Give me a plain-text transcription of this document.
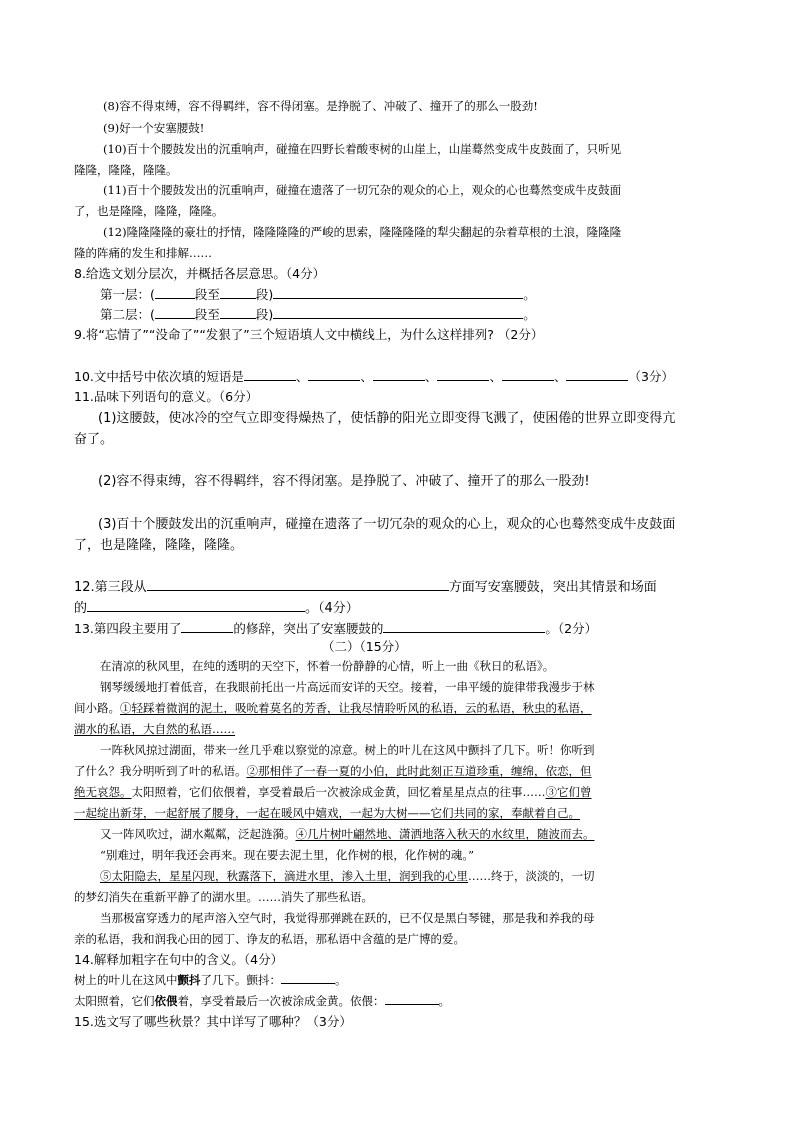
(8)容不得束缚，容不得羁绊，容不得闭塞。是挣脱了、冲破了、撞开了的那么一股劲!
(9)好一个安塞腰鼓!
(10)百十个腰鼓发出的沉重响声，碰撞在四野长着酸枣树的山崖上，山崖蓦然变成牛皮鼓面了，只听见
隆隆，隆隆，隆隆。
(11)百十个腰鼓发出的沉重响声，碰撞在遗落了一切冗杂的观众的心上，观众的心也蓦然变成牛皮鼓面
了，也是隆隆，隆隆，隆隆。
(12)隆隆隆隆的豪壮的抒情，隆隆隆隆的严峻的思索，隆隆隆隆的犁尖翻起的杂着草根的土浪，隆隆隆
隆的阵痛的发生和排解……
8.给选文划分层次，并概括各层意思。（4分）
第一层：(	段至	段)	。
第二层：(	段至	段)	。
9.将“忘情了”“没命了”“发狠了”三个短语填人文中横线上，为什么这样排列? （2分）
10.文中括号中依次填的短语是	、	、	、	、	、	（3分）
11.品味下列语句的意义。（6分）
(1)这腰鼓，使冰冷的空气立即变得燥热了，使恬静的阳光立即变得飞溅了，使困倦的世界立即变得亢
奋了。
(2)容不得束缚，容不得羁绊，容不得闭塞。是挣脱了、冲破了、撞开了的那么一股劲!
(3)百十个腰鼓发出的沉重响声，碰撞在遗落了一切冗杂的观众的心上，观众的心也蓦然变成牛皮鼓面
了，也是隆隆，隆隆，隆隆。
12.第三段从	方面写安塞腰鼓，突出其情景和场面
的	。（4分）
13.第四段主要用了	的修辞，突出了安塞腰鼓的	。（2分）
（二）（15分）
在清凉的秋风里，在纯的透明的天空下，怀着一份静静的心情，听上一曲《秋日的私语》。
钢琴缓缓地打着低音，在我眼前托出一片高远而安详的天空。接着，一串平缓的旋律带我漫步于林
间小路。①轻踩着微润的泥土，吸吮着莫名的芳香，让我尽情聆听风的私语，云的私语，秋虫的私语，
湖水的私语，大自然的私语……
一阵秋风掠过湖面，带来一丝几乎难以察觉的凉意。树上的叶儿在这风中颤抖了几下。听！你听到
了什么？我分明听到了叶的私语。②那相伴了一春一夏的小伯，此时此刻正互道珍重，缠绵，依恋，但
绝无哀怨。太阳照着，它们依偎着，享受着最后一次被涂成金黄，回忆着星星点点的往事……③它们曾
一起绽出新芽，一起舒展了腰身，一起在暖风中嬉戏，一起为大树——它们共同的家，奉献着自己。
又一阵风吹过，湖水粼粼，泛起涟漪。④几片树叶翩然地、潇洒地落入秋天的水纹里，随波而去。
“别难过，明年我还会再来。现在要去泥土里，化作树的根，化作树的魂。”
⑤太阳隐去，星星闪现，秋露落下，滴进水里，渗入土里，润到我的心里……终于，淡淡的，一切
的梦幻消失在重新平静了的湖水里。……消失了那些私语。
当那极富穿透力的尾声溶入空气时，我觉得那弹跳在跃的，已不仅是黑白琴键，那是我和养我的母
亲的私语，我和润我心田的园丁、诤友的私语，那私语中含蕴的是广博的爱。
14.解释加粗字在句中的含义。（4分）
树上的叶儿在这风中颤抖了几下。颤抖：	。
太阳照着，它们依偎着，享受着最后一次被涂成金黄。依偎：	。
15.选文写了哪些秋景？其中详写了哪种？（3分）
